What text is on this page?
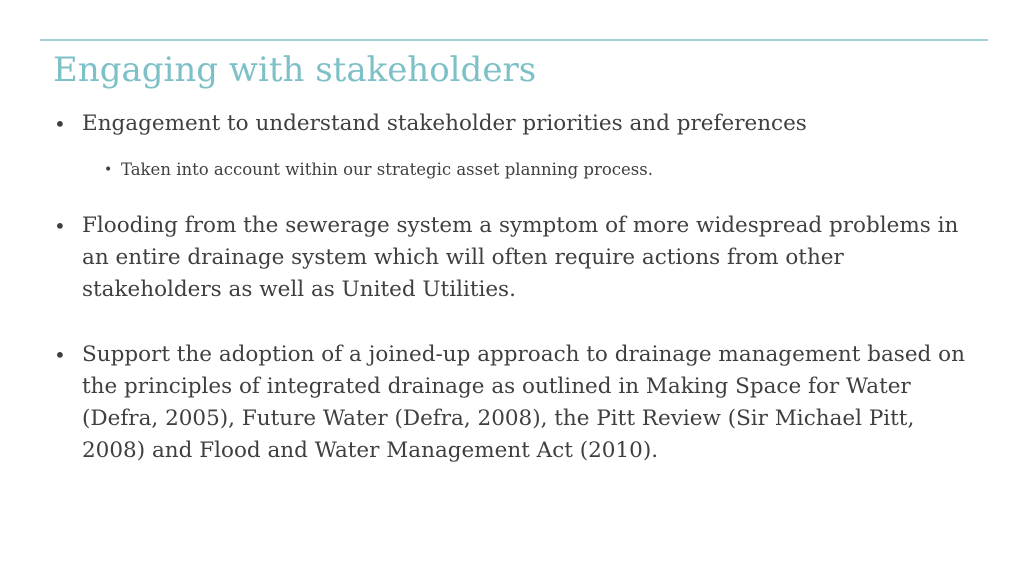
Engaging with stakeholders
• Engagement to understand stakeholder priorities and preferences
• Taken into account within our strategic asset planning process.
• Flooding from the sewerage system a symptom of more widespread problems in an entire drainage system which will often require actions from other stakeholders as well as United Utilities.
• Support the adoption of a joined-up approach to drainage management based on the principles of integrated drainage as outlined in Making Space for Water (Defra, 2005), Future Water (Defra, 2008), the Pitt Review (Sir Michael Pitt, 2008) and Flood and Water Management Act (2010).
